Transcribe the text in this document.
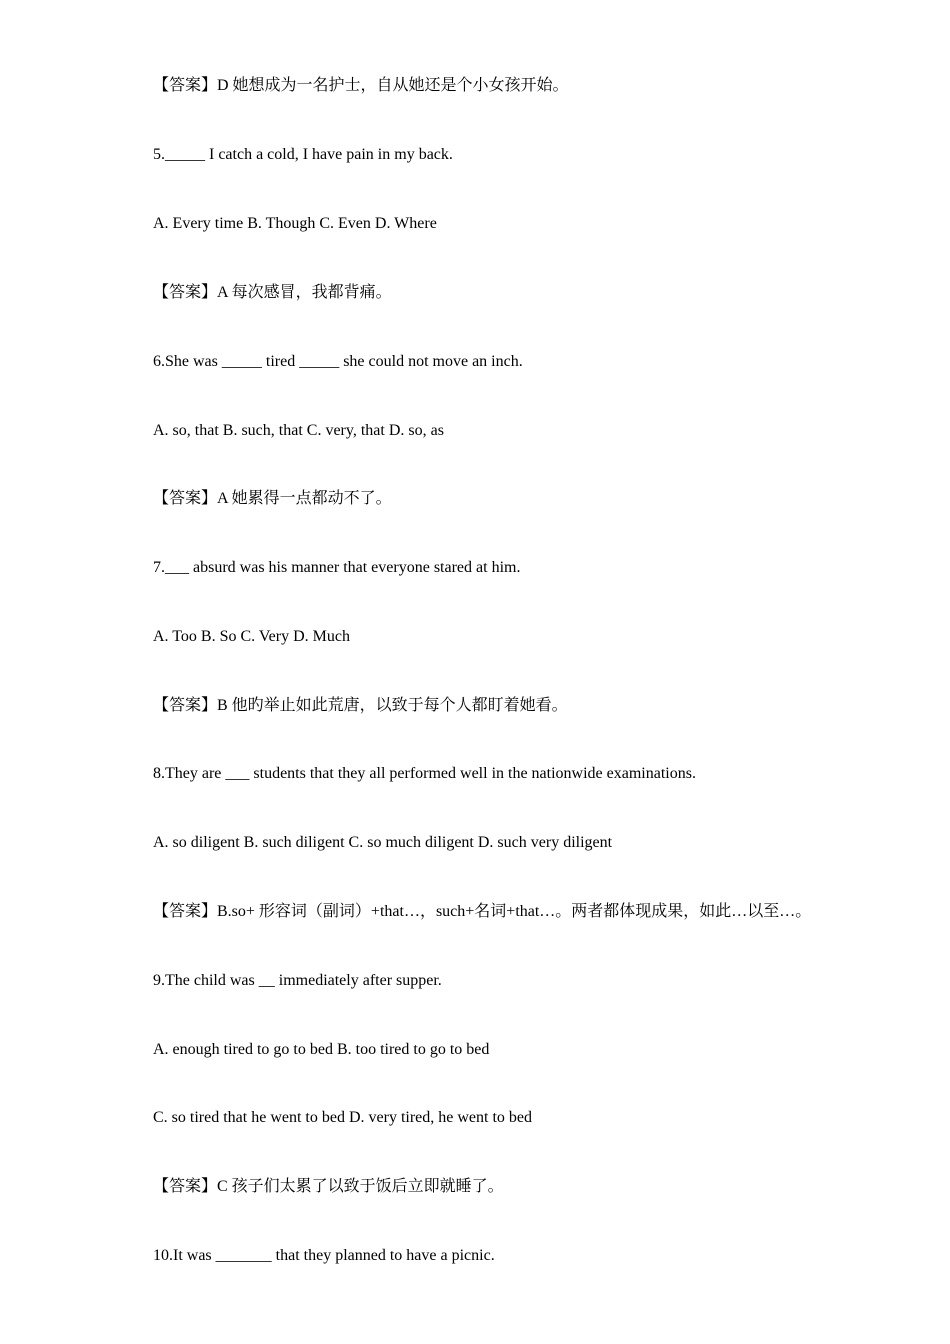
【答案】D 她想成为一名护士，自从她还是个小女孩开始。
5._____ I catch a cold, I have pain in my back.
A. Every time B. Though C. Even D. Where
【答案】A 每次感冒，我都背痛。
6.She was _____ tired _____ she could not move an inch.
A. so, that B. such, that C. very, that D. so, as
【答案】A 她累得一点都动不了。
7.___ absurd was his manner that everyone stared at him.
A. Too B. So C. Very D. Much
【答案】B 他旳举止如此荒唐，以致于每个人都盯着她看。
8.They are ___ students that they all performed well in the nationwide examinations.
A. so diligent B. such diligent C. so much diligent D. such very diligent
【答案】B.so+ 形容词（副词）+that…，such+名词+that…。两者都体现成果，如此…以至…。
9.The child was __ immediately after supper.
A. enough tired to go to bed B. too tired to go to bed
C. so tired that he went to bed D. very tired, he went to bed
【答案】C 孩子们太累了以致于饭后立即就睡了。
10.It was _______ that they planned to have a picnic.
